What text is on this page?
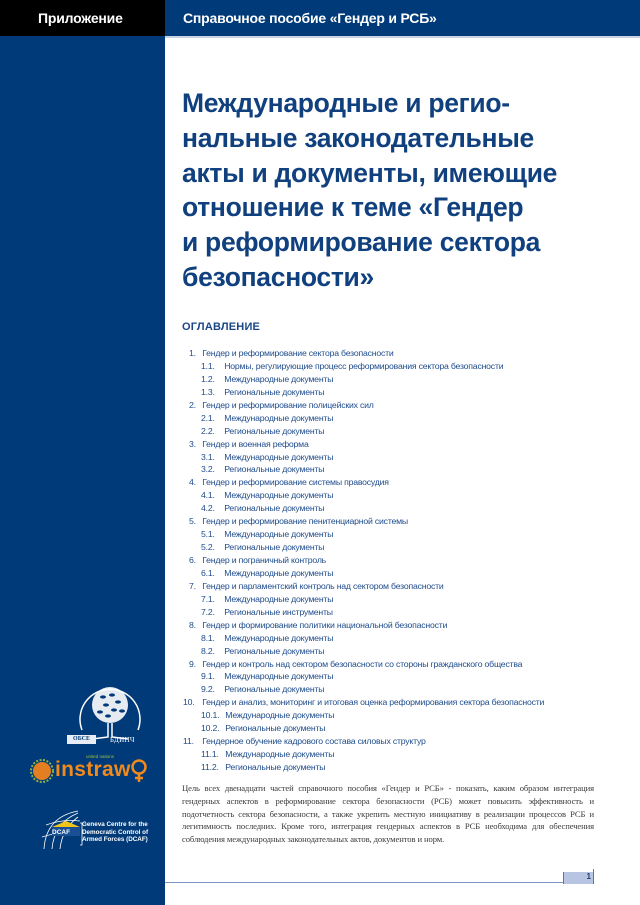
Приложение	Справочное пособие «Гендер и РСБ»
Международные и регио-
нальные законодательные
акты и документы, имеющие
отношение к теме «Гендер
и реформирование сектора
безопасности»
ОГЛАВЛЕНИЕ
1. Гендер и реформирование сектора безопасности
1.1. Нормы, регулирующие процесс реформирования сектора безопасности
1.2. Международные документы
1.3. Региональные документы
2. Гендер и реформирование полицейских сил
2.1. Международные документы
2.2. Региональные документы
3. Гендер и военная реформа
3.1. Международные документы
3.2. Региональные документы
4. Гендер и реформирование системы правосудия
4.1. Международные документы
4.2. Региональные документы
5. Гендер и реформирование пенитенциарной системы
5.1. Международные документы
5.2. Региональные документы
6. Гендер и пограничный контроль
6.1. Международные документы
7. Гендер и парламентский контроль над сектором безопасности
7.1. Международные документы
7.2. Региональные инструменты
8. Гендер и формирование политики национальной безопасности
8.1. Международные документы
8.2. Региональные документы
9. Гендер и контроль над сектором безопасности со стороны гражданского общества
9.1. Международные документы
9.2. Региональные документы
10. Гендер и анализ, мониторинг и итоговая оценка реформирования сектора безопасности
10.1. Международные документы
10.2. Региональные документы
11. Гендерное обучение кадрового состава силовых структур
11.1. Международные документы
11.2. Региональные документы

Цель всех двенадцати частей справочного пособия «Гендер и РСБ» - показать, каким образом интеграция гендерных аспектов в реформирование сектора безопасности (РСБ) может повысить эффективность и подотчетность сектора безопасности, а также укрепить местную инициативу в реализации процессов РСБ и легитимность последних. Кроме того, интеграция гендерных аспектов в РСБ необходима для обеспечения соблюдения международных законодательных актов, документов и норм.

ОБСЕ	БДИПЧ
united nations
instraw
DCAF
Geneva Centre for the Democratic Control of Armed Forces (DCAF)
1
